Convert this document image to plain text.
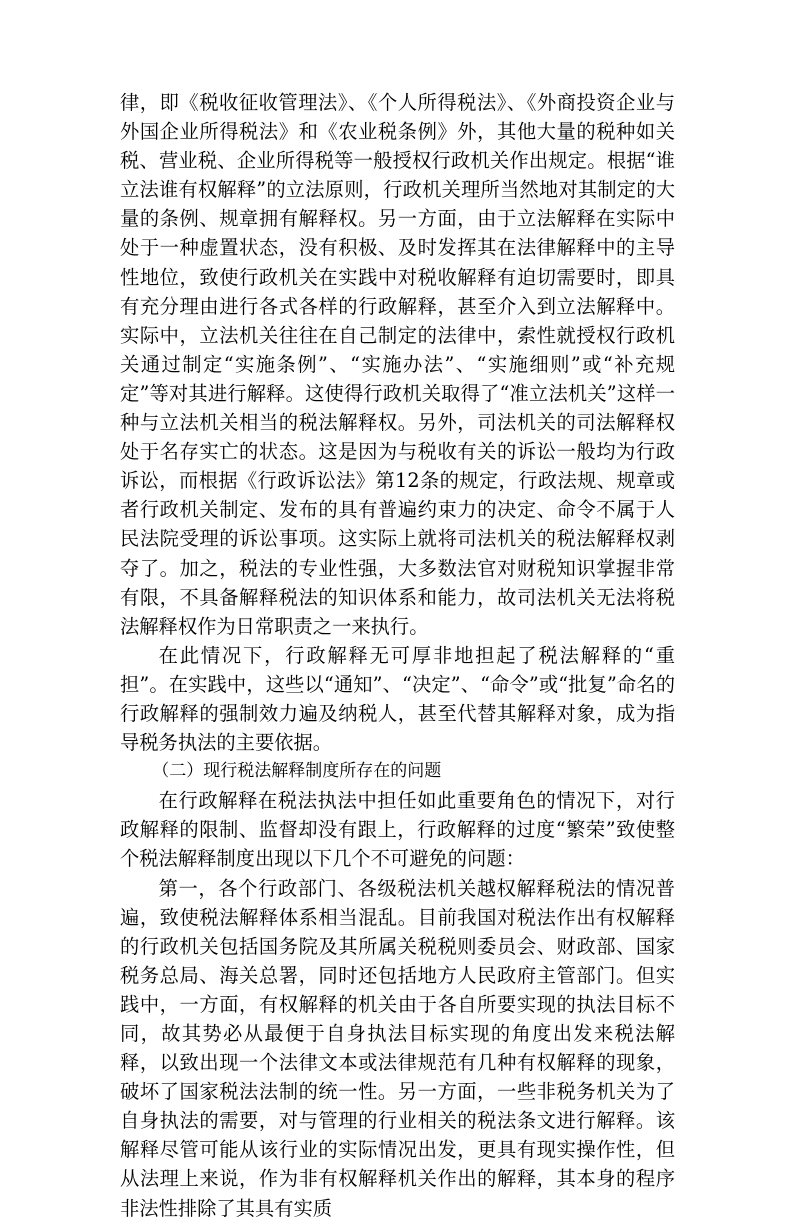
律，即《税收征收管理法》、《个人所得税法》、《外商投资企业与外国企业所得税法》和《农业税条例》外，其他大量的税种如关税、营业税、企业所得税等一般授权行政机关作出规定。根据“谁立法谁有权解释”的立法原则，行政机关理所当然地对其制定的大量的条例、规章拥有解释权。另一方面，由于立法解释在实际中处于一种虚置状态，没有积极、及时发挥其在法律解释中的主导性地位，致使行政机关在实践中对税收解释有迫切需要时，即具有充分理由进行各式各样的行政解释，甚至介入到立法解释中。实际中，立法机关往往在自己制定的法律中，索性就授权行政机关通过制定“实施条例”、“实施办法”、“实施细则”或“补充规定”等对其进行解释。这使得行政机关取得了“准立法机关”这样一种与立法机关相当的税法解释权。另外，司法机关的司法解释权处于名存实亡的状态。这是因为与税收有关的诉讼一般均为行政诉讼，而根据《行政诉讼法》第12条的规定，行政法规、规章或者行政机关制定、发布的具有普遍约束力的决定、命令不属于人民法院受理的诉讼事项。这实际上就将司法机关的税法解释权剥夺了。加之，税法的专业性强，大多数法官对财税知识掌握非常有限，不具备解释税法的知识体系和能力，故司法机关无法将税法解释权作为日常职责之一来执行。

在此情况下，行政解释无可厚非地担起了税法解释的“重担”。在实践中，这些以“通知”、“决定”、“命令”或“批复”命名的行政解释的强制效力遍及纳税人，甚至代替其解释对象，成为指导税务执法的主要依据。

（二）现行税法解释制度所存在的问题

在行政解释在税法执法中担任如此重要角色的情况下，对行政解释的限制、监督却没有跟上，行政解释的过度“繁荣”致使整个税法解释制度出现以下几个不可避免的问题：

第一，各个行政部门、各级税法机关越权解释税法的情况普遍，致使税法解释体系相当混乱。目前我国对税法作出有权解释的行政机关包括国务院及其所属关税税则委员会、财政部、国家税务总局、海关总署，同时还包括地方人民政府主管部门。但实践中，一方面，有权解释的机关由于各自所要实现的执法目标不同，故其势必从最便于自身执法目标实现的角度出发来税法解释，以致出现一个法律文本或法律规范有几种有权解释的现象，破坏了国家税法法制的统一性。另一方面，一些非税务机关为了自身执法的需要，对与管理的行业相关的税法条文进行解释。该解释尽管可能从该行业的实际情况出发，更具有现实操作性，但从法理上来说，作为非有权解释机关作出的解释，其本身的程序非法性排除了其具有实质
